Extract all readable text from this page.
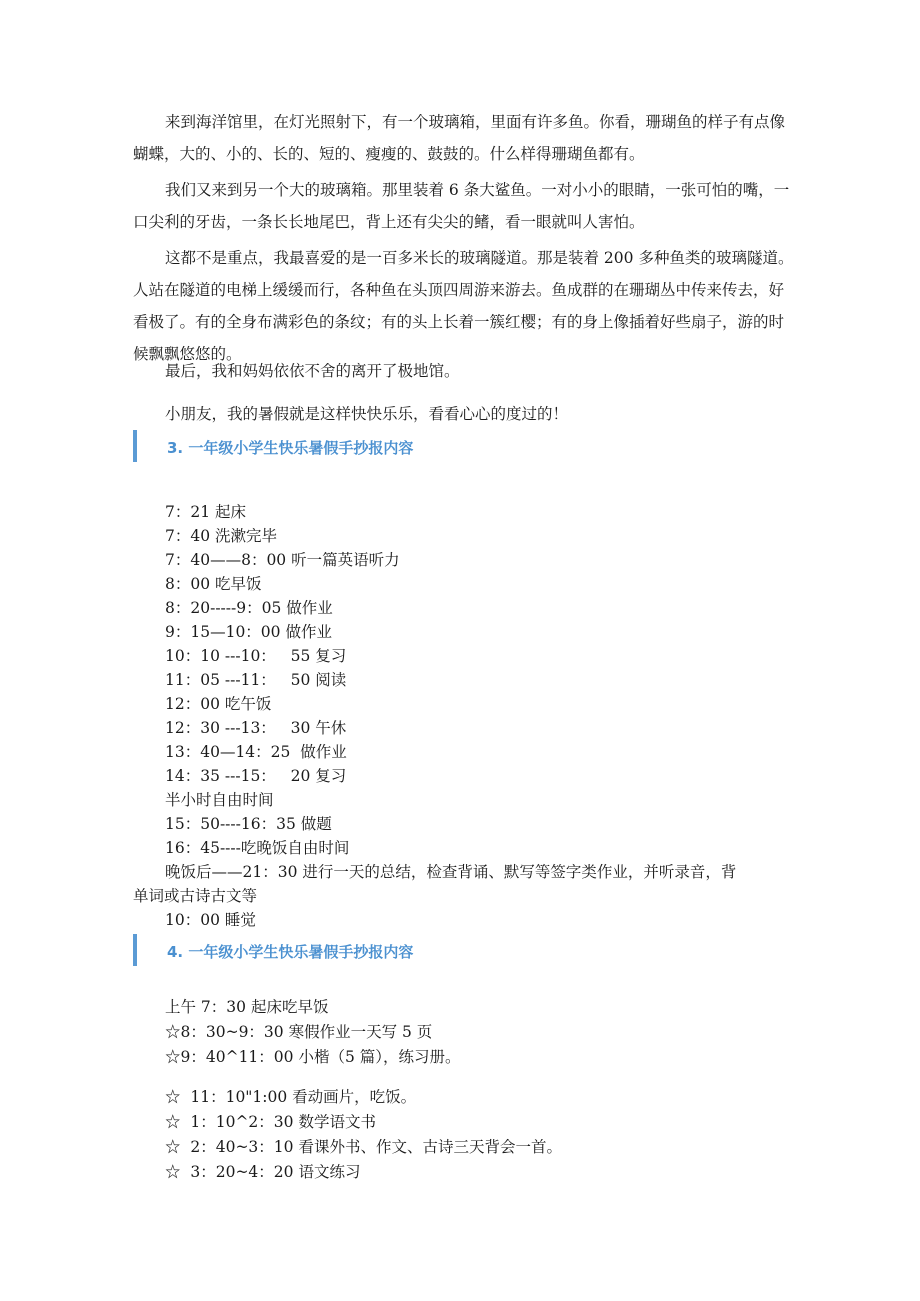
来到海洋馆里，在灯光照射下，有一个玻璃箱，里面有许多鱼。你看，珊瑚鱼的样子有点像蝴蝶，大的、小的、长的、短的、瘦瘦的、鼓鼓的。什么样得珊瑚鱼都有。

我们又来到另一个大的玻璃箱。那里装着 6 条大鲨鱼。一对小小的眼睛，一张可怕的嘴，一口尖利的牙齿，一条长长地尾巴，背上还有尖尖的鳍，看一眼就叫人害怕。

这都不是重点，我最喜爱的是一百多米长的玻璃隧道。那是装着 200 多种鱼类的玻璃隧道。人站在隧道的电梯上缓缓而行，各种鱼在头顶四周游来游去。鱼成群的在珊瑚丛中传来传去，好看极了。有的全身布满彩色的条纹；有的头上长着一簇红樱；有的身上像插着好些扇子，游的时候飘飘悠悠的。

最后，我和妈妈依依不舍的离开了极地馆。

小朋友，我的暑假就是这样快快乐乐，看看心心的度过的！

3. 一年级小学生快乐暑假手抄报内容
7：21 起床
7：40 洗漱完毕
7：40——8：00 听一篇英语听力
8：00 吃早饭
8：20-----9：05 做作业
9：15—10：00 做作业
10：10 ---10：   55 复习
11：05 ---11：   50 阅读
12：00 吃午饭
12：30 ---13：   30 午休
13：40—14：25  做作业
14：35 ---15：   20 复习
半小时自由时间
15：50----16：35 做题
16：45----吃晚饭自由时间
晚饭后——21：30 进行一天的总结，检查背诵、默写等签字类作业，并听录音，背
单词或古诗古文等
10：00 睡觉
4. 一年级小学生快乐暑假手抄报内容
上午 7：30 起床吃早饭
☆8：30~9：30 寒假作业一天写 5 页
☆9：40^11：00 小楷（5 篇），练习册。
☆  11：10"1:00 看动画片，吃饭。
☆  1：10^2：30 数学语文书
☆  2：40~3：10 看课外书、作文、古诗三天背会一首。
☆  3：20~4：20 语文练习
